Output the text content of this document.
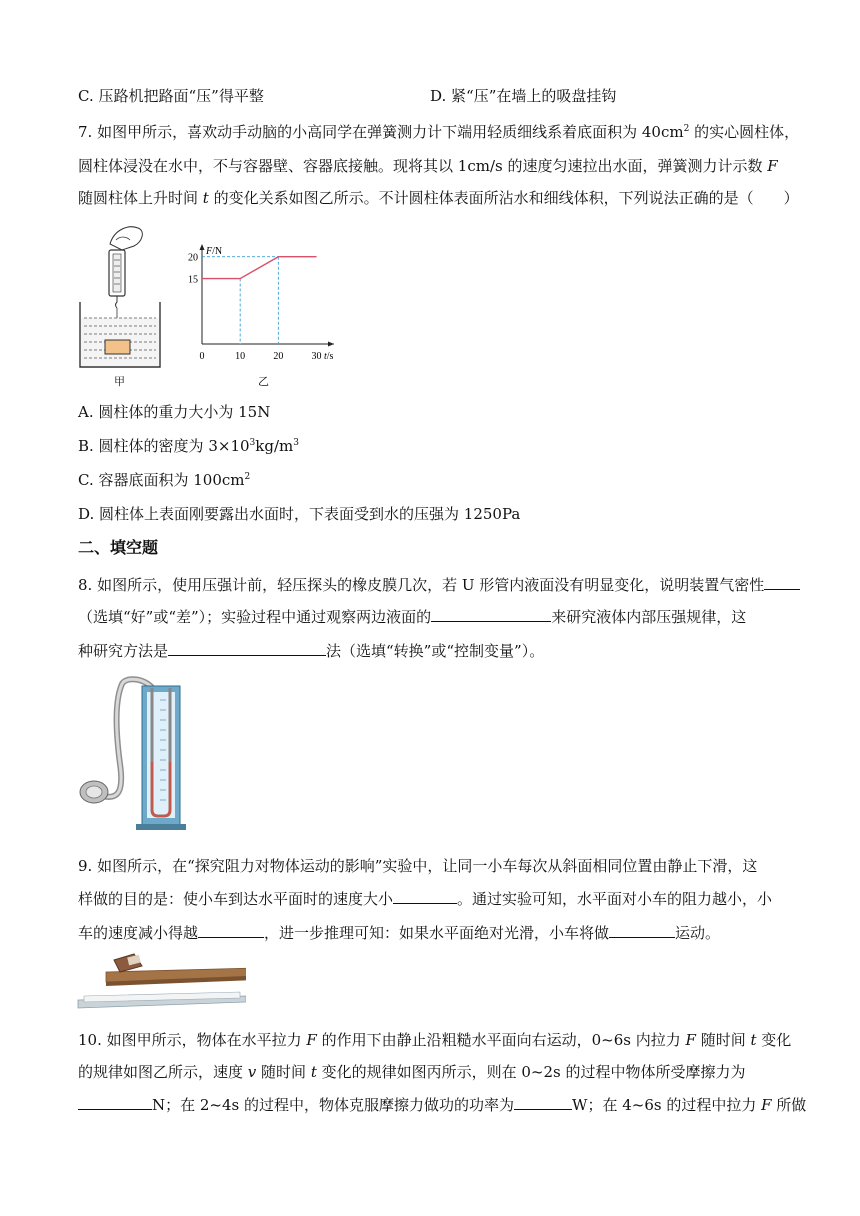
C. 压路机把路面“压”得平整	D. 紧“压”在墙上的吸盘挂钩
7. 如图甲所示，喜欢动手动脑的小高同学在弹簧测力计下端用轻质细线系着底面积为 $40cm^2$ 的实心圆柱体，
圆柱体浸没在水中，不与容器壁、容器底接触。现将其以 1cm/s 的速度匀速拉出水面，弹簧测力计示数 F
随圆柱体上升时间 t 的变化关系如图乙所示。不计圆柱体表面所沾水和细线体积，下列说法正确的是（　　）
甲
F/N
t/s
0	10	20	30
15
20
乙
A. 圆柱体的重力大小为 15N
B. 圆柱体的密度为 $3\times 10^3kg/m^3$
C. 容器底面积为 $100cm^2$
D. 圆柱体上表面刚要露出水面时，下表面受到水的压强为 1250Pa
二、填空题
8. 如图所示，使用压强计前，轻压探头的橡皮膜几次，若 U 形管内液面没有明显变化，说明装置气密性
（选填“好”或“差”）；实验过程中通过观察两边液面的	来研究液体内部压强规律，这
种研究方法是	法（选填“转换”或“控制变量”）。
9. 如图所示，在“探究阻力对物体运动的影响”实验中，让同一小车每次从斜面相同位置由静止下滑，这
样做的目的是：使小车到达水平面时的速度大小	。通过实验可知，水平面对小车的阻力越小，小
车的速度减小得越	，进一步推理可知：如果水平面绝对光滑，小车将做	运动。
10. 如图甲所示，物体在水平拉力 F 的作用下由静止沿粗糙水平面向右运动，0~6s 内拉力 F 随时间 t 变化
的规律如图乙所示，速度 v 随时间 t 变化的规律如图丙所示，则在 0~2s 的过程中物体所受摩擦力为
N；在 2~4s 的过程中，物体克服摩擦力做功的功率为	W；在 4~6s 的过程中拉力 F 所做
